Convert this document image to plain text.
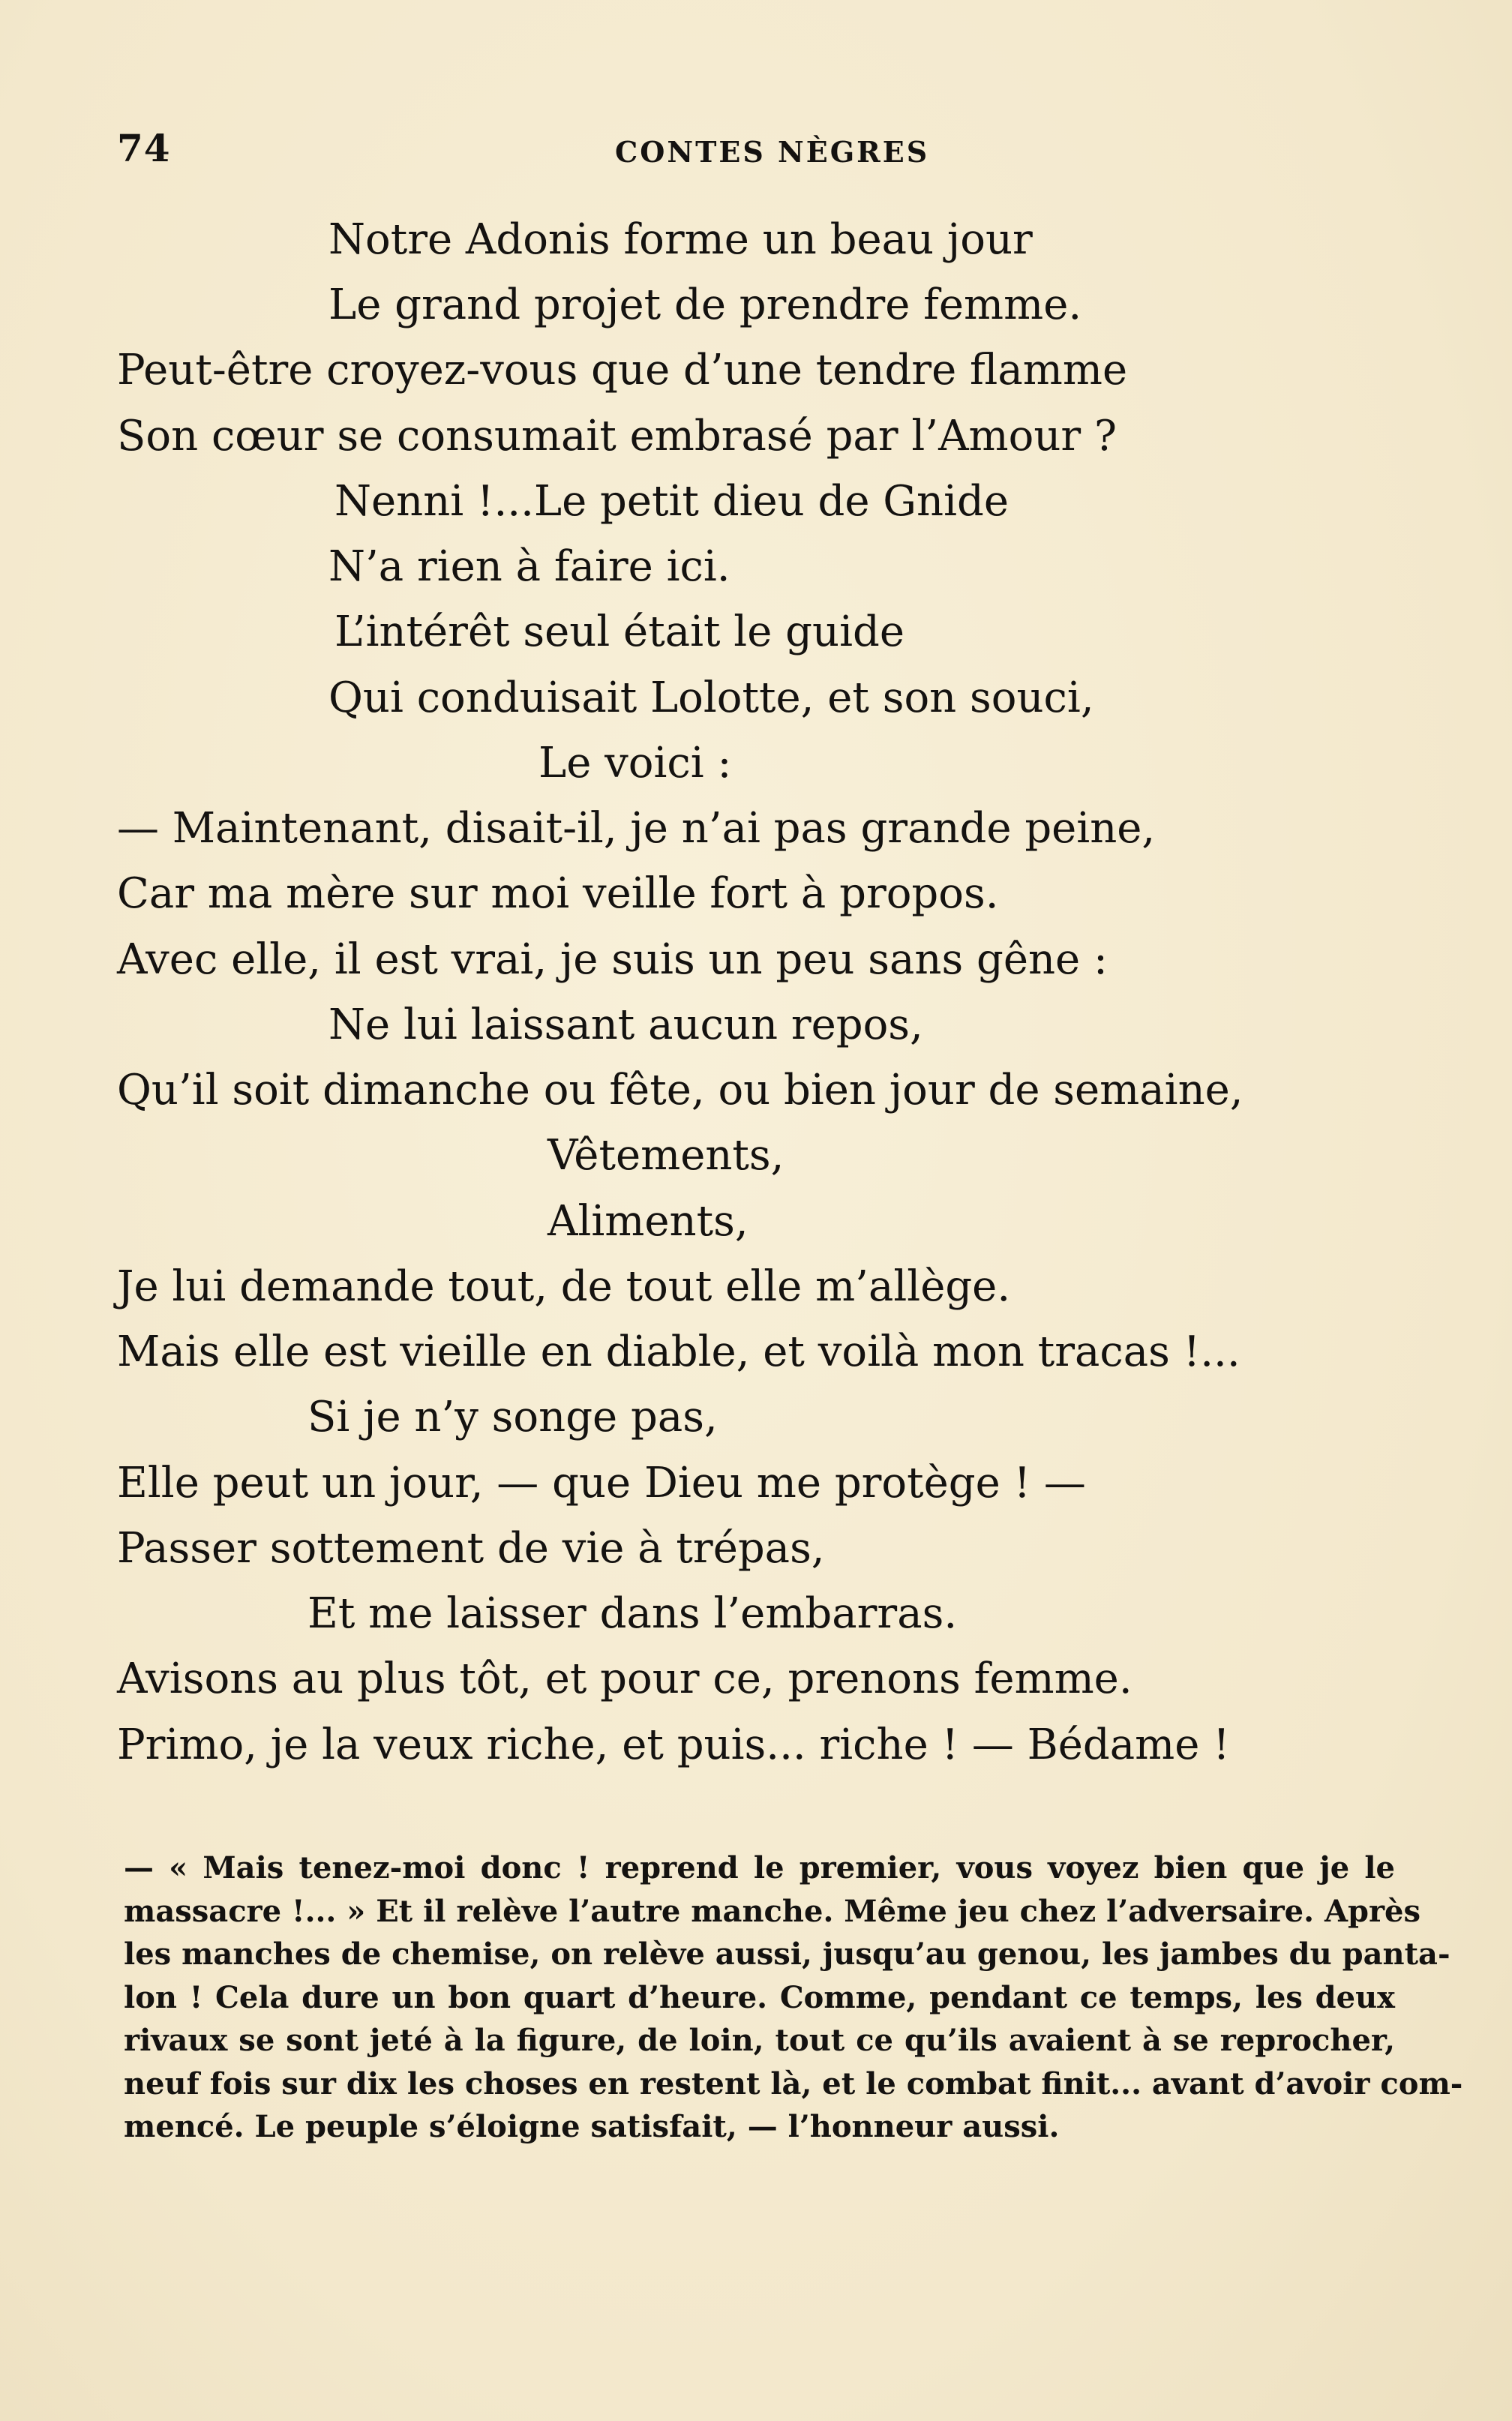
74	CONTES NÈGRES
Notre Adonis forme un beau jour
Le grand projet de prendre femme.
Peut-être croyez-vous que d’une tendre flamme
Son cœur se consumait embrasé par l’Amour ?
Nenni !...Le petit dieu de Gnide
N’a rien à faire ici.
L’intérêt seul était le guide
Qui conduisait Lolotte, et son souci,
Le voici :
— Maintenant, disait-il, je n’ai pas grande peine,
Car ma mère sur moi veille fort à propos.
Avec elle, il est vrai, je suis un peu sans gêne :
Ne lui laissant aucun repos,
Qu’il soit dimanche ou fête, ou bien jour de semaine,
Vêtements,
Aliments,
Je lui demande tout, de tout elle m’allège.
Mais elle est vieille en diable, et voilà mon tracas !...
Si je n’y songe pas,
Elle peut un jour, — que Dieu me protège ! —
Passer sottement de vie à trépas,
Et me laisser dans l’embarras.
Avisons au plus tôt, et pour ce, prenons femme.
Primo, je la veux riche, et puis... riche ! — Bédame !
— « Mais tenez-moi donc ! reprend le premier, vous voyez bien que je le
massacre !... » Et il relève l’autre manche. Même jeu chez l’adversaire. Après
les manches de chemise, on relève aussi, jusqu’au genou, les jambes du panta-
lon ! Cela dure un bon quart d’heure. Comme, pendant ce temps, les deux
rivaux se sont jeté à la figure, de loin, tout ce qu’ils avaient à se reprocher,
neuf fois sur dix les choses en restent là, et le combat finit... avant d’avoir com-
mencé. Le peuple s’éloigne satisfait, — l’honneur aussi.
